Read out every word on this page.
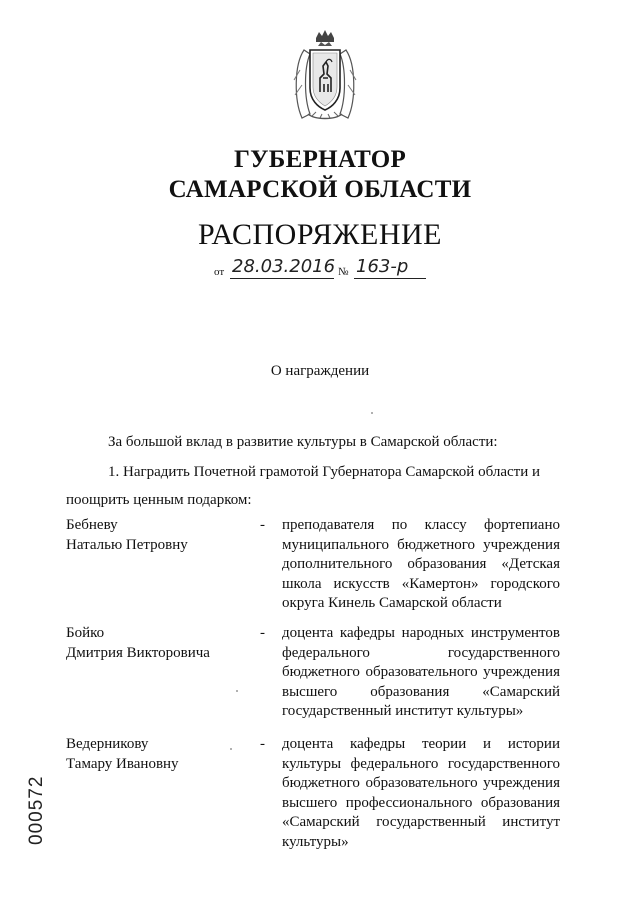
ГУБЕРНАТОР
САМАРСКОЙ ОБЛАСТИ
РАСПОРЯЖЕНИЕ
от 28.03.2016 № 163-р
О награждении
За большой вклад в развитие культуры в Самарской области:
1. Наградить Почетной грамотой Губернатора Самарской области и
поощрить ценным подарком:
Бебневу
Наталью Петровну
- преподавателя по классу фортепиано муниципального бюджетного учреждения дополнительного образования «Детская школа искусств «Камертон» городского округа Кинель Самарской области
Бойко
Дмитрия Викторовича
- доцента кафедры народных инструментов федерального государственного бюджетного образовательного учреждения высшего образования «Самарский государственный институт культуры»
Ведерникову
Тамару Ивановну
- доцента кафедры теории и истории культуры федерального государственного бюджетного образовательного учреждения высшего профессионального образования «Самарский государственный институт культуры»
000572
